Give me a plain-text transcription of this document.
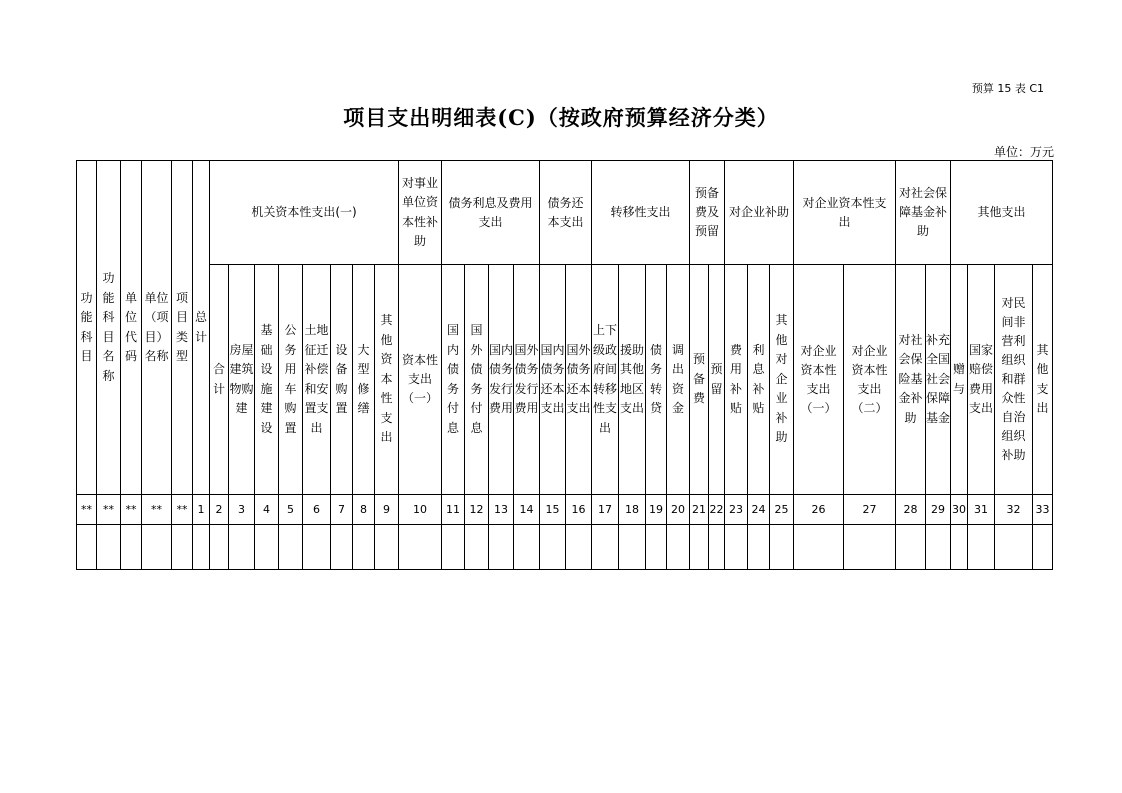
预算 15 表 C1
项目支出明细表(C)（按政府预算经济分类）
单位：万元
功能科目	功能科目名称	单位代码	单位（项目）名称	项目类型	总计	机关资本性支出(一)								对事业单位资本性补助	债务利息及费用支出				债务还本支出		转移性支出				预备费及预留		对企业补助			对企业资本性支出		对社会保障基金补助		其他支出			
						合计	房屋建筑物购建	基础设施建设	公务用车购置	土地征迁补偿和安置支出	设备购置	大型修缮	其他资本性支出	资本性支出（一）	国内债务付息	国外债务付息	国内债务发行费用	国外债务发行费用	国内债务还本支出	国外债务还本支出	上下级政府间转移性支出	援助其他地区支出	债务转贷	调出资金	预备费	预留	费用补贴	利息补贴	其他对企业补助	对企业资本性支出（一）	对企业资本性支出（二）	对社会保险基金补助	补充全国社会保障基金	赠与	国家赔偿费用支出	对民间非营利组织和群众性自治组织补助	其他支出
**	**	**	**	**	1	2	3	4	5	6	7	8	9	10	11	12	13	14	15	16	17	18	19	20	21	22	23	24	25	26	27	28	29	30	31	32	33
